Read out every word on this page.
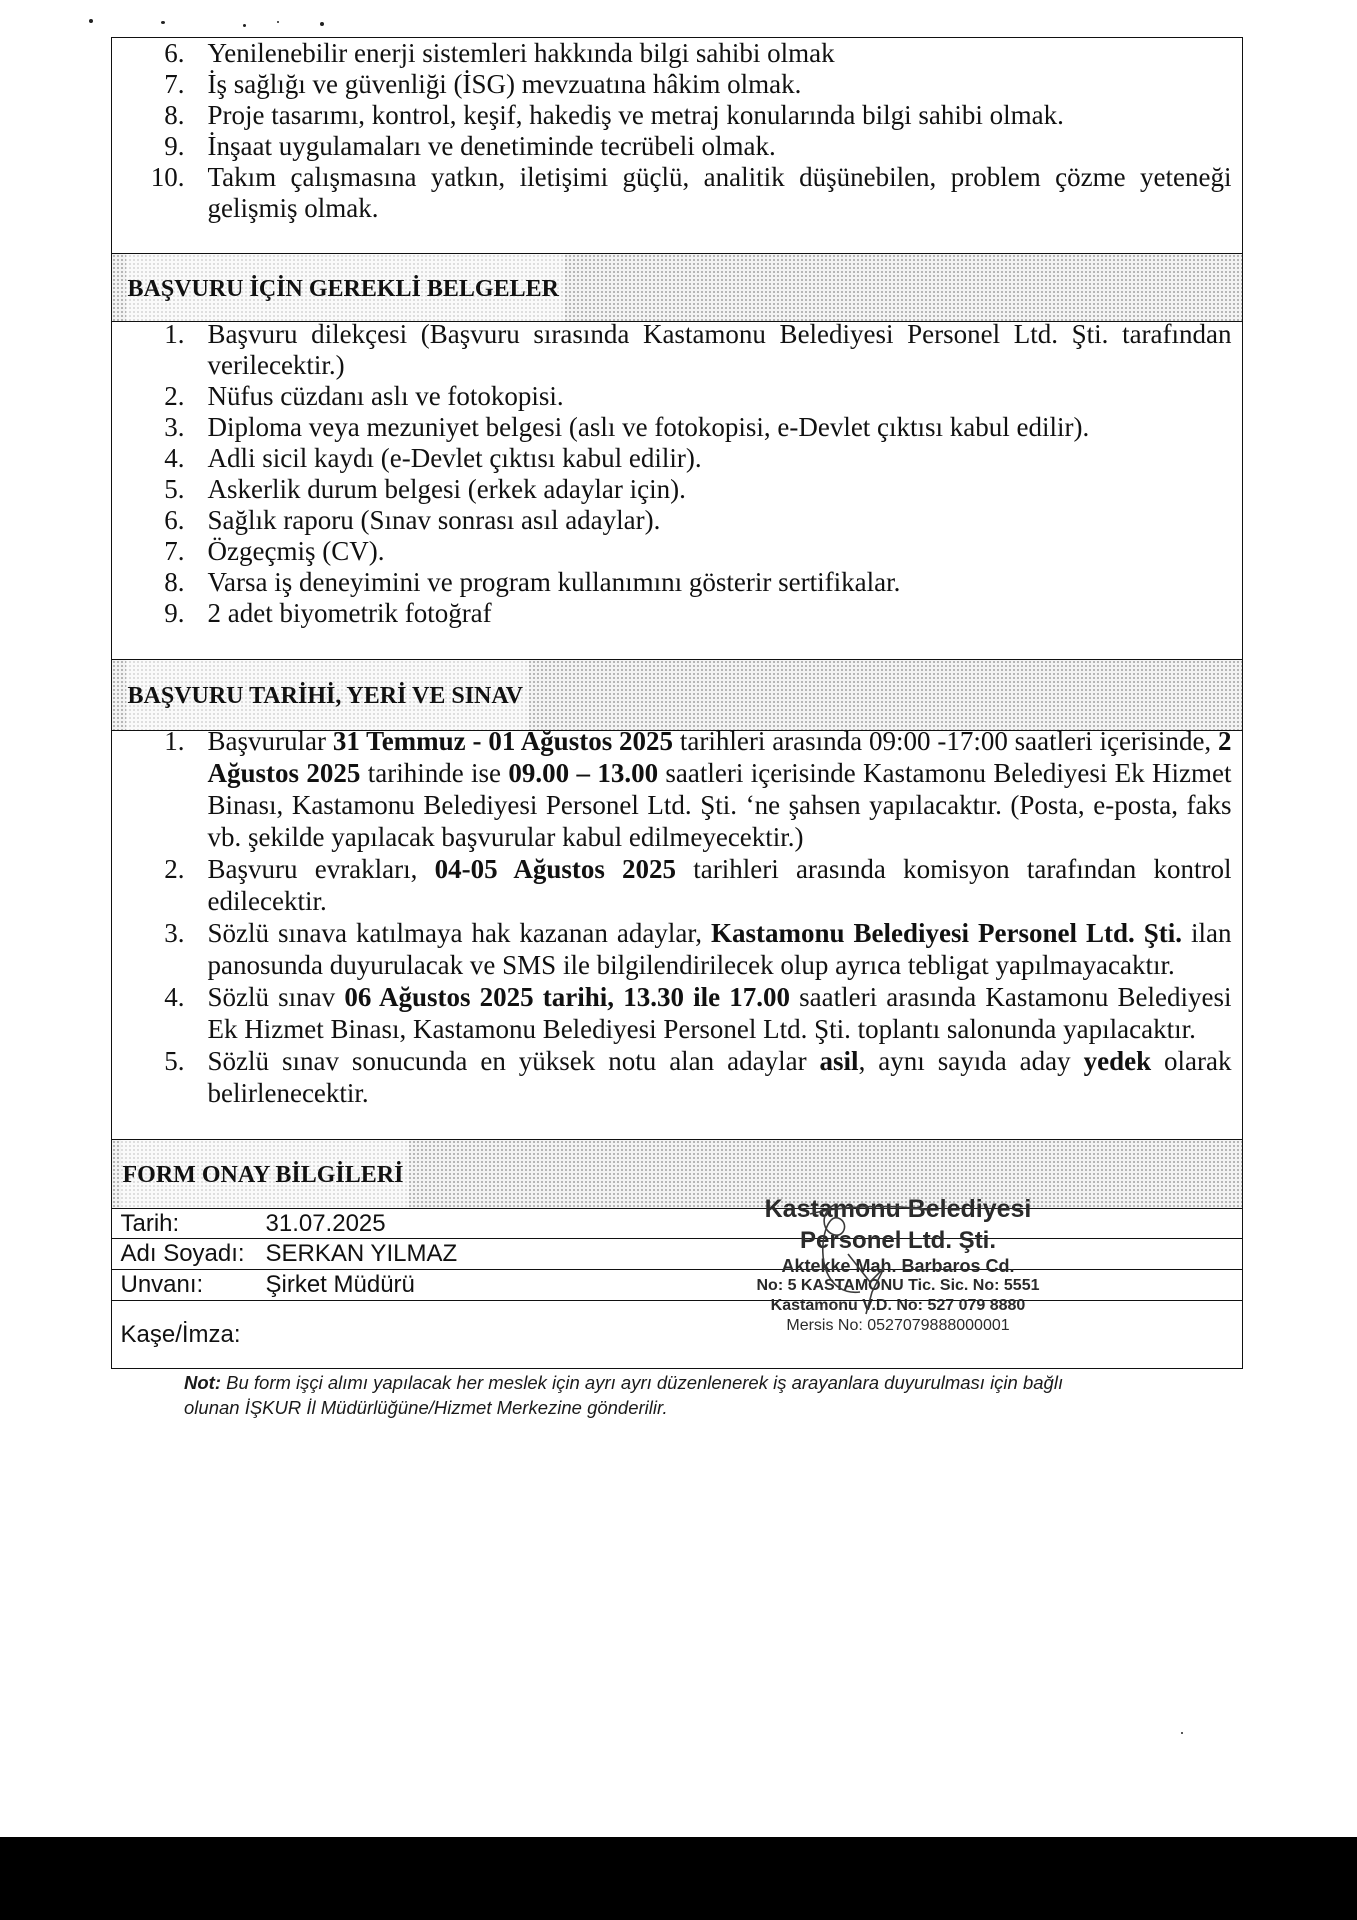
6. Yenilenebilir enerji sistemleri hakkında bilgi sahibi olmak
7. İş sağlığı ve güvenliği (İSG) mevzuatına hâkim olmak.
8. Proje tasarımı, kontrol, keşif, hakediş ve metraj konularında bilgi sahibi olmak.
9. İnşaat uygulamaları ve denetiminde tecrübeli olmak.
10. Takım çalışmasına yatkın, iletişimi güçlü, analitik düşünebilen, problem çözme yeteneği gelişmiş olmak.
BAŞVURU İÇİN GEREKLİ BELGELER
1. Başvuru dilekçesi (Başvuru sırasında Kastamonu Belediyesi Personel Ltd. Şti. tarafından verilecektir.)
2. Nüfus cüzdanı aslı ve fotokopisi.
3. Diploma veya mezuniyet belgesi (aslı ve fotokopisi, e-Devlet çıktısı kabul edilir).
4. Adli sicil kaydı (e-Devlet çıktısı kabul edilir).
5. Askerlik durum belgesi (erkek adaylar için).
6. Sağlık raporu (Sınav sonrası asıl adaylar).
7. Özgeçmiş (CV).
8. Varsa iş deneyimini ve program kullanımını gösterir sertifikalar.
9. 2 adet biyometrik fotoğraf
BAŞVURU TARİHİ, YERİ VE SINAV
1. Başvurular 31 Temmuz - 01 Ağustos 2025 tarihleri arasında 09:00 -17:00 saatleri içerisinde, 2 Ağustos 2025 tarihinde ise 09.00 – 13.00 saatleri içerisinde Kastamonu Belediyesi Ek Hizmet Binası, Kastamonu Belediyesi Personel Ltd. Şti. ‘ne şahsen yapılacaktır. (Posta, e-posta, faks vb. şekilde yapılacak başvurular kabul edilmeyecektir.)
2. Başvuru evrakları, 04-05 Ağustos 2025 tarihleri arasında komisyon tarafından kontrol edilecektir.
3. Sözlü sınava katılmaya hak kazanan adaylar, Kastamonu Belediyesi Personel Ltd. Şti. ilan panosunda duyurulacak ve SMS ile bilgilendirilecek olup ayrıca tebligat yapılmayacaktır.
4. Sözlü sınav 06 Ağustos 2025 tarihi, 13.30 ile 17.00 saatleri arasında Kastamonu Belediyesi Ek Hizmet Binası, Kastamonu Belediyesi Personel Ltd. Şti. toplantı salonunda yapılacaktır.
5. Sözlü sınav sonucunda en yüksek notu alan adaylar asil, aynı sayıda aday yedek olarak belirlenecektir.
FORM ONAY BİLGİLERİ
Tarih:	31.07.2025
Adı Soyadı: SERKAN YILMAZ
Unvanı:	Şirket Müdürü
Kaşe/İmza:
Kastamonu Belediyesi
Personel Ltd. Şti.
Aktekke Mah. Barbaros Cd.
No: 5 KASTAMONU Tic. Sic. No: 5551
Kastamonu V.D. No: 527 079 8880
Mersis No: 0527079888000001
Not: Bu form işçi alımı yapılacak her meslek için ayrı ayrı düzenlenerek iş arayanlara duyurulması için bağlı
olunan İŞKUR İl Müdürlüğüne/Hizmet Merkezine gönderilir.
